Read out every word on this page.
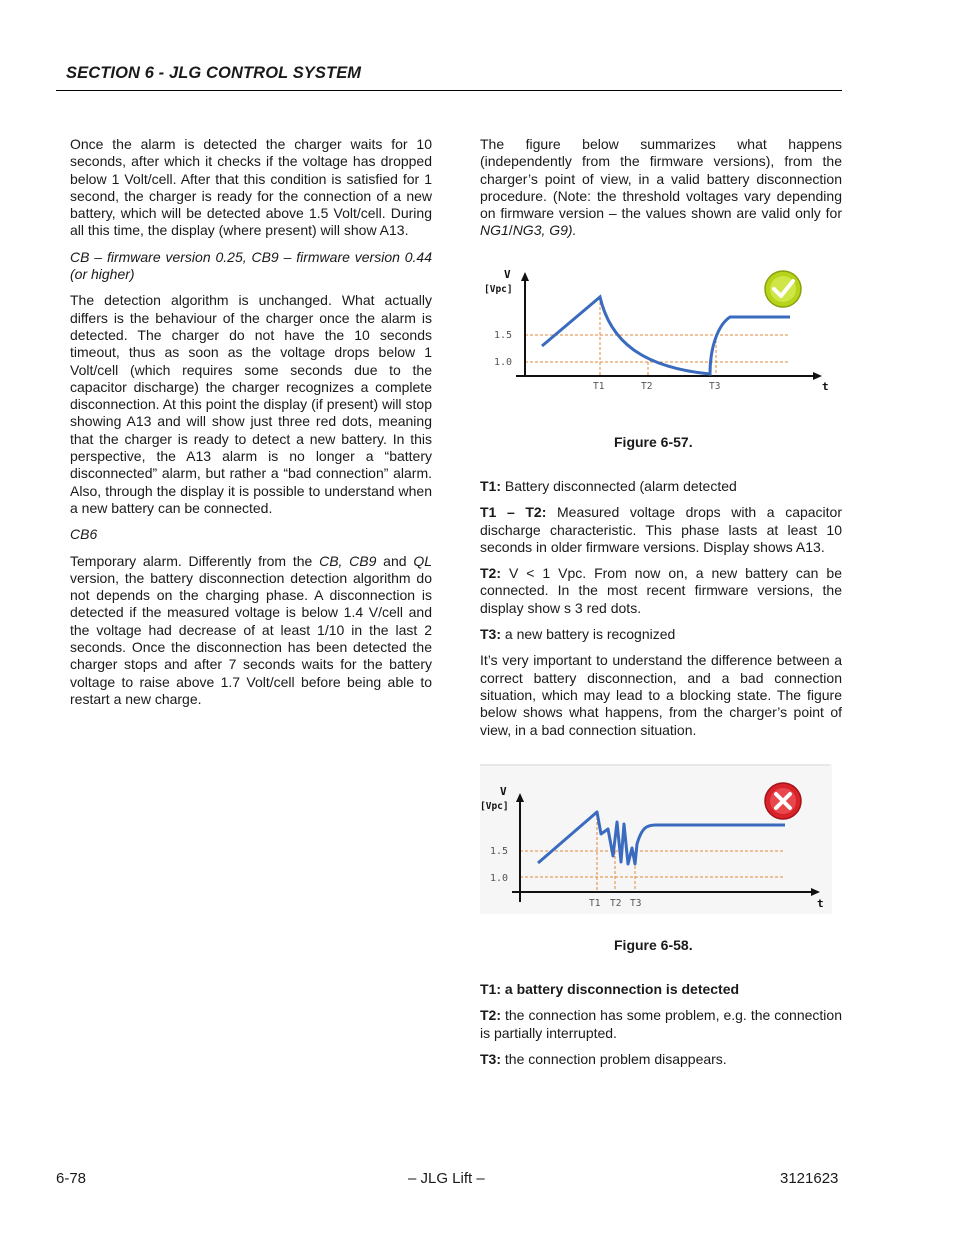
SECTION 6 - JLG CONTROL SYSTEM

Once the alarm is detected the charger waits for 10 seconds, after which it checks if the voltage has dropped below 1 Volt/cell. After that this condition is satisfied for 1 second, the charger is ready for the connection of a new battery, which will be detected above 1.5 Volt/cell. During all this time, the display (where present) will show A13.

CB – firmware version 0.25, CB9 – firmware version 0.44 (or higher)

The detection algorithm is unchanged. What actually differs is the behaviour of the charger once the alarm is detected. The charger do not have the 10 seconds timeout, thus as soon as the voltage drops below 1 Volt/cell (which requires some seconds due to the capacitor discharge) the charger recognizes a complete disconnection. At this point the display (if present) will stop showing A13 and will show just three red dots, meaning that the charger is ready to detect a new battery. In this perspective, the A13 alarm is no longer a “battery disconnected” alarm, but rather a “bad connection” alarm. Also, through the display it is possible to understand when a new battery can be connected.

CB6

Temporary alarm. Differently from the CB, CB9 and QL version, the battery disconnection detection algorithm do not depends on the charging phase. A disconnection is detected if the measured voltage is below 1.4 V/cell and the voltage had decrease of at least 1/10 in the last 2 seconds. Once the disconnection has been detected the charger stops and after 7 seconds waits for the battery voltage to raise above 1.7 Volt/cell before being able to restart a new charge.

The figure below summarizes what happens (independently from the firmware versions), from the charger’s point of view, in a valid battery disconnection procedure. (Note: the threshold voltages vary depending on firmware version – the values shown are valid only for NG1/NG3, G9).

V
[Vpc]
1.5
1.0
T1	T2	T3	t
Figure 6-57.

T1: Battery disconnected (alarm detected

T1 – T2: Measured voltage drops with a capacitor discharge characteristic. This phase lasts at least 10 seconds in older firmware versions. Display shows A13.

T2: V < 1 Vpc. From now on, a new battery can be connected. In the most recent firmware versions, the display show s 3 red dots.

T3: a new battery is recognized

It’s very important to understand the difference between a correct battery disconnection, and a bad connection situation, which may lead to a blocking state. The figure below shows what happens, from the charger’s point of view, in a bad connection situation.

V
[Vpc]
1.5
1.0
T1 T2 T3	t
Figure 6-58.

T1: a battery disconnection is detected

T2: the connection has some problem, e.g. the connection is partially interrupted.

T3: the connection problem disappears.

6-78	– JLG Lift –	3121623
